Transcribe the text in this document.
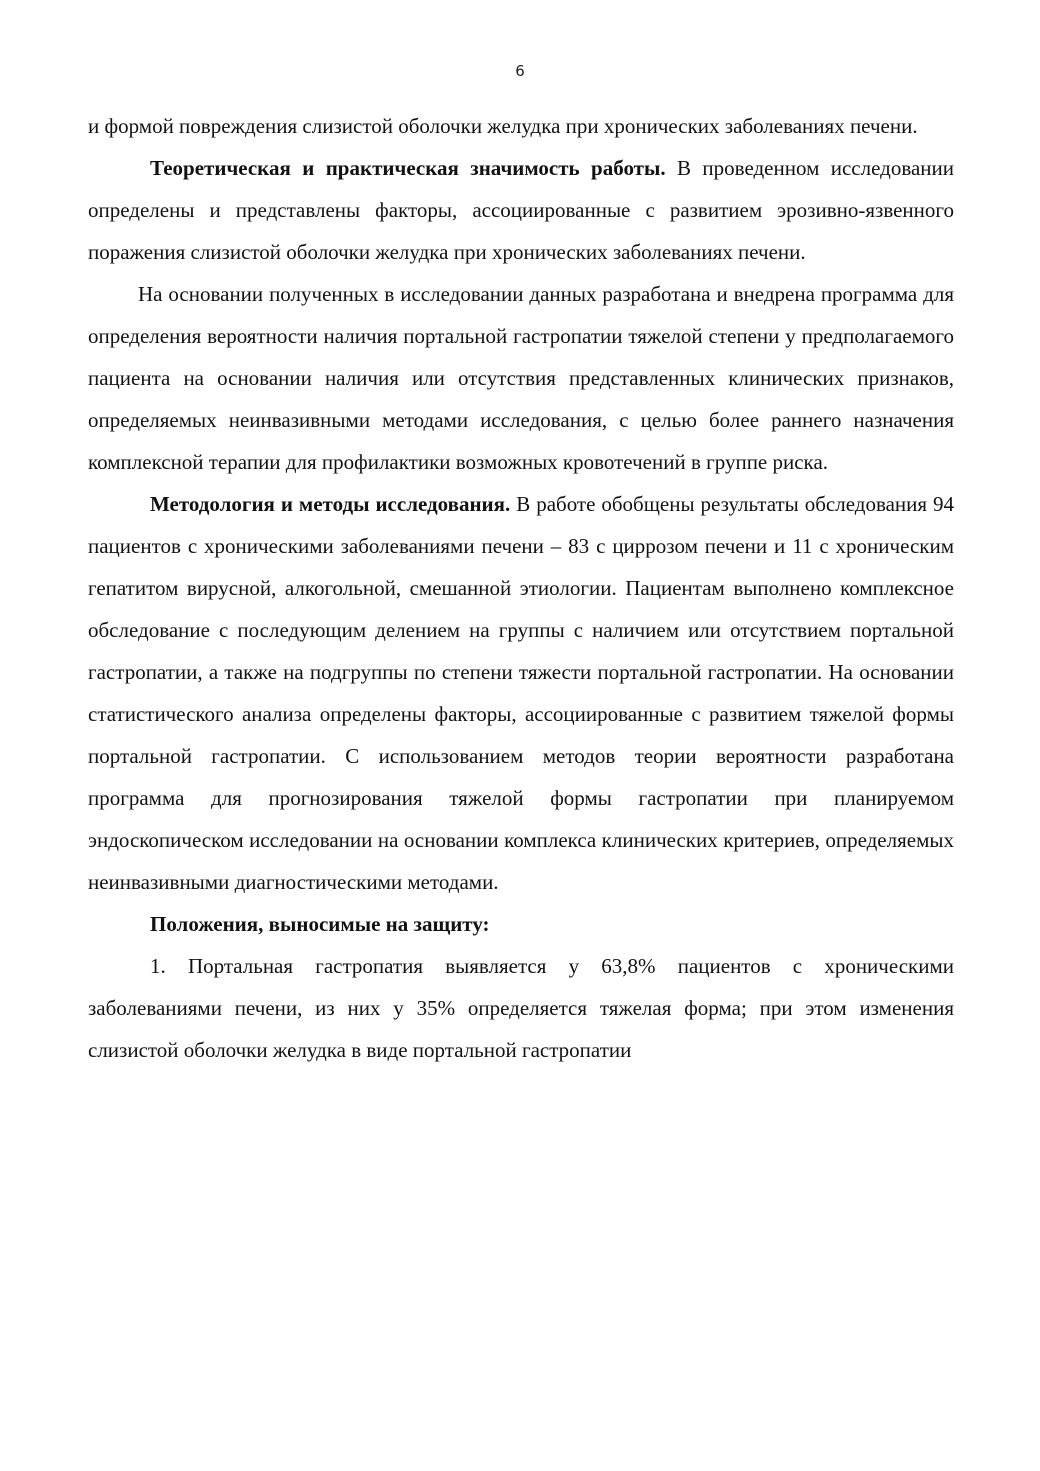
6

и формой повреждения слизистой оболочки желудка при хронических заболеваниях печени.

Теоретическая и практическая значимость работы. В проведенном исследовании определены и представлены факторы, ассоциированные с развитием эрозивно-язвенного поражения слизистой оболочки желудка при хронических заболеваниях печени.

На основании полученных в исследовании данных разработана и внедрена программа для определения вероятности наличия портальной гастропатии тяжелой степени у предполагаемого пациента на основании наличия или отсутствия представленных клинических признаков, определяемых неинвазивными методами исследования, с целью более раннего назначения комплексной терапии для профилактики возможных кровотечений в группе риска.

Методология и методы исследования. В работе обобщены результаты обследования 94 пациентов с хроническими заболеваниями печени – 83 с циррозом печени и 11 с хроническим гепатитом вирусной, алкогольной, смешанной этиологии. Пациентам выполнено комплексное обследование с последующим делением на группы с наличием или отсутствием портальной гастропатии, а также на подгруппы по степени тяжести портальной гастропатии. На основании статистического анализа определены факторы, ассоциированные с развитием тяжелой формы портальной гастропатии. С использованием методов теории вероятности разработана программа для прогнозирования тяжелой формы гастропатии при планируемом эндоскопическом исследовании на основании комплекса клинических критериев, определяемых неинвазивными диагностическими методами.

Положения, выносимые на защиту:

1. Портальная гастропатия выявляется у 63,8% пациентов с хроническими заболеваниями печени, из них у 35% определяется тяжелая форма; при этом изменения слизистой оболочки желудка в виде портальной гастропатии
